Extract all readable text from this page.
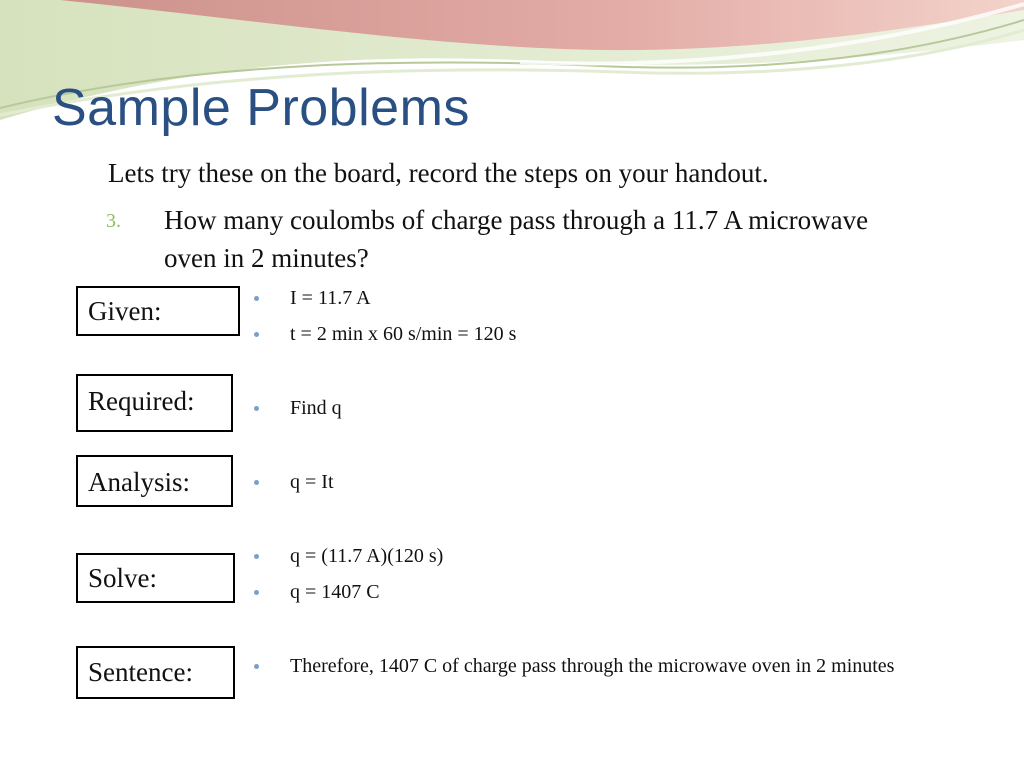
Sample Problems
Lets try these on the board, record the steps on your handout.
3. How many coulombs of charge pass through a 11.7 A microwave oven in 2 minutes?
Given:	I = 11.7 A
t = 2 min x 60 s/min = 120 s
Required:	Find q
Analysis:	q = It
Solve:
q = (11.7 A)(120 s)
q = 1407 C
Sentence:	Therefore, 1407 C of charge pass through the microwave oven in 2 minutes
